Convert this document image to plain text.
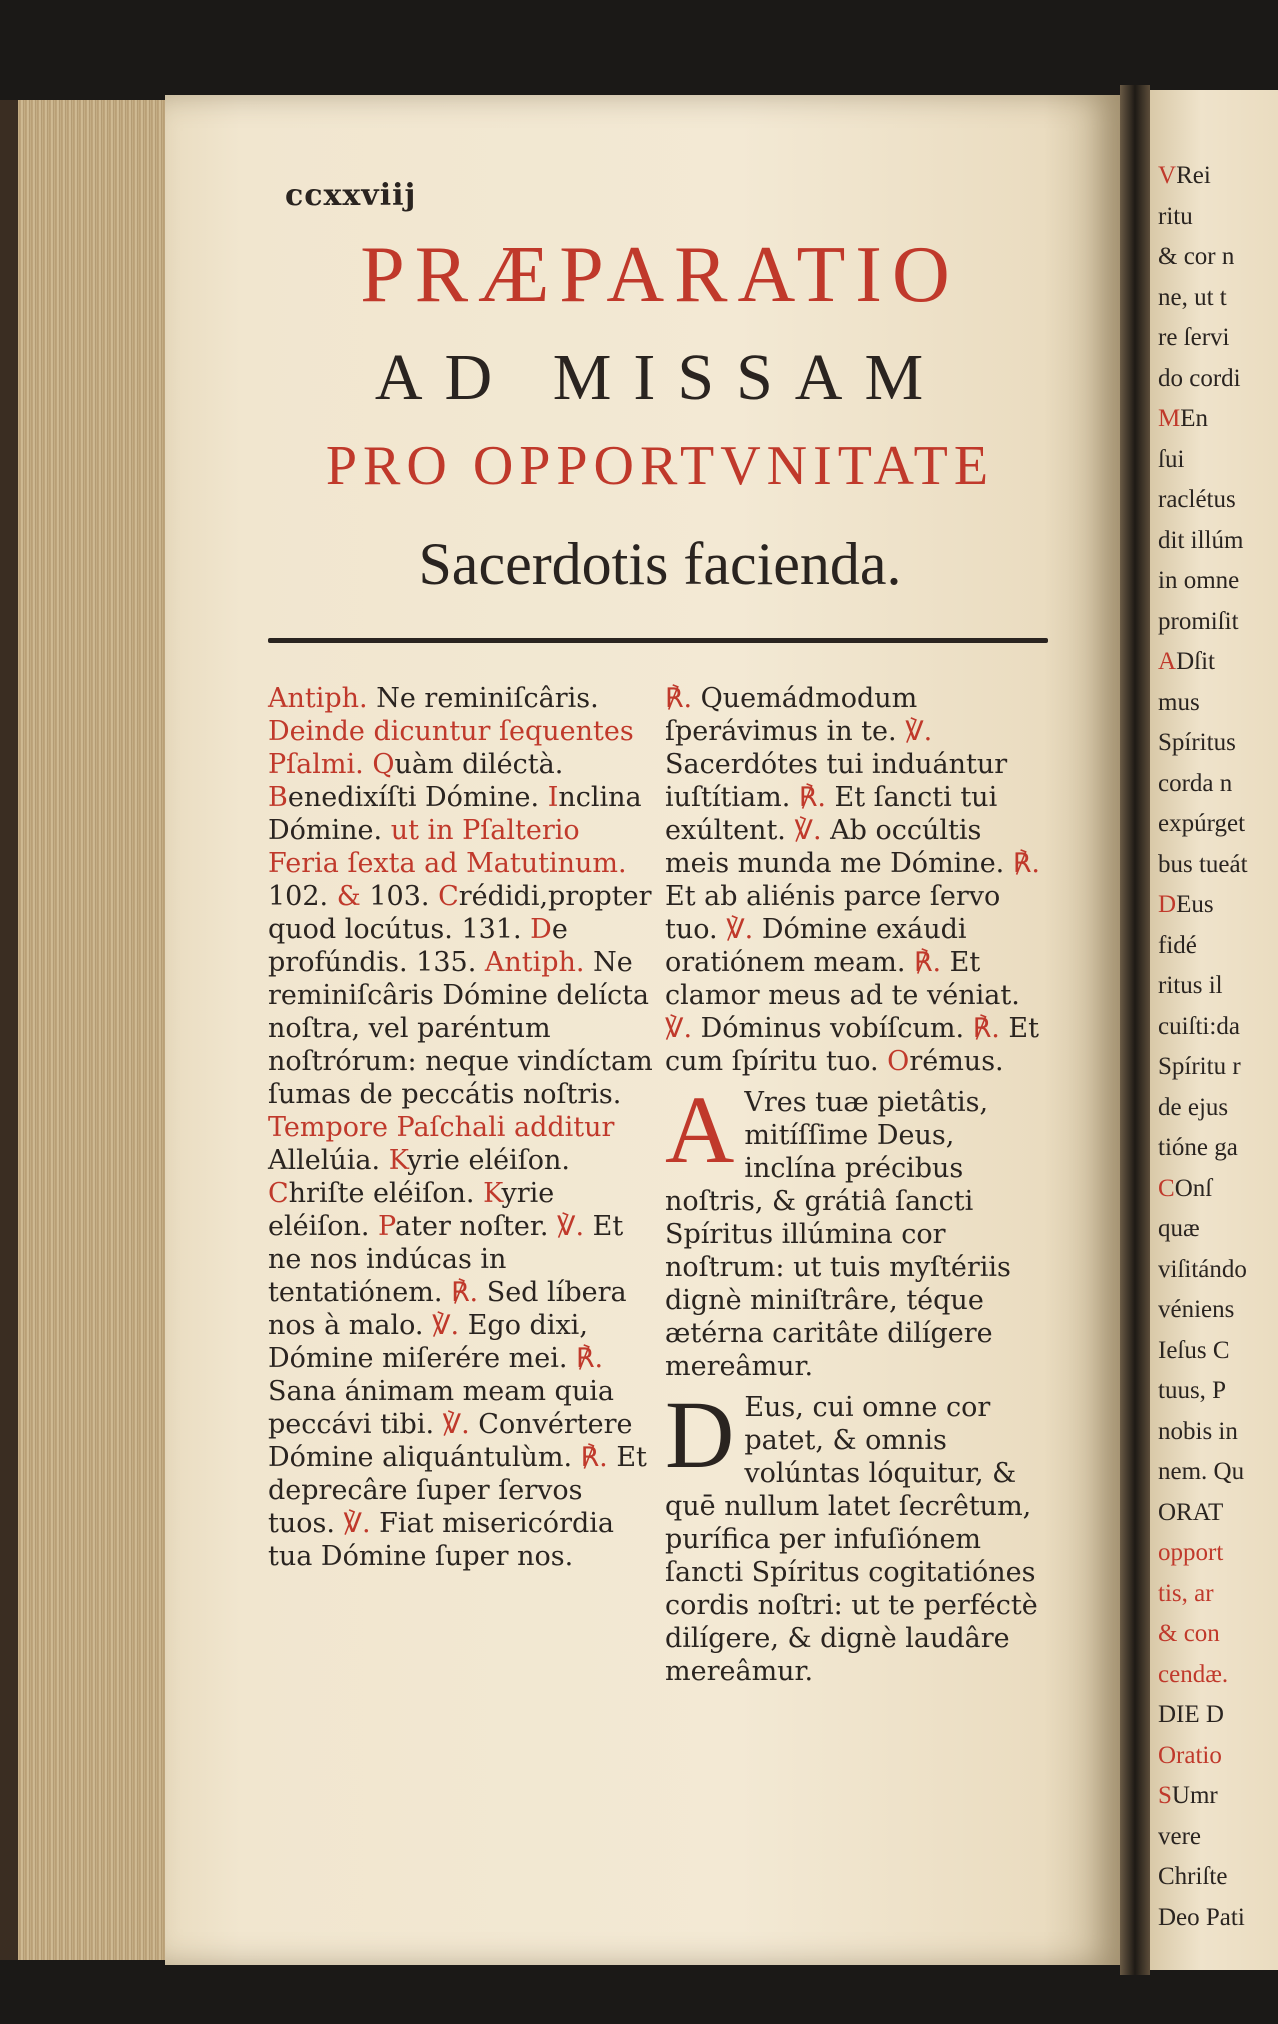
ccxxviij
PRÆPARATIO
AD MISSAM
PRO OPPORTVNITATE
Sacerdotis facienda.
Antiph. Ne reminiſcâris. Deinde dicuntur ſequentes Pſalmi. Quàm diléctà. Benedixíſti Dómine. Inclina Dómine. ut in Pſalterio Feria ſexta ad Matutinum. 102. & 103. Crédidi,propter quod locútus. 131. De profúndis. 135. Antiph. Ne reminiſcâris Dómine delícta noſtra, vel paréntum noſtrórum: neque vindíctam ſumas de peccátis noſtris. Tempore Paſchali additur Allelúia. Kyrie eléiſon. Chriſte eléiſon. Kyrie eléiſon. Pater noſter. ℣. Et ne nos indúcas in tentatiónem. ℟. Sed líbera nos à malo. ℣. Ego dixi, Dómine miſerére mei. ℟. Sana ánimam meam quia peccávi tibi. ℣. Convértere Dómine aliquántulùm. ℟. Et deprecâre ſuper ſervos tuos. ℣. Fiat misericórdia tua Dómine ſuper nos.
℟. Quemádmodum ſperávimus in te. ℣. Sacerdótes tui induántur iuſtítiam. ℟. Et ſancti tui exúltent. ℣. Ab occúltis meis munda me Dómine. ℟. Et ab aliénis parce ſervo tuo. ℣. Dómine exáudi oratiónem meam. ℟. Et clamor meus ad te véniat. ℣. Dóminus vobíſcum. ℟. Et cum ſpíritu tuo. Orémus.

A Vres tuæ pietâtis, mitíſſime Deus, inclína précibus noſtris, & grátiâ ſancti Spíritus illúmina cor noſtrum: ut tuis myſtériis dignè miniſtrâre, téque ætérna caritâte dilígere mereâmur.

D Eus, cui omne cor patet, & omnis volúntas lóquitur, & quē nullum latet ſecrêtum, purífica per infuſiónem ſancti Spíritus cogitatiónes cordis noſtri: ut te perféctè dilígere, & dignè laudâre mereâmur.

VRei
ritu
& cor n
ne, ut t
re ſervi
do cordi
MEn
ſui
raclétus
dit illúm
in omne
promiſit
ADſit
mus
Spíritus
corda n
expúrget
bus tueát
DEus
fidé
ritus il
cuiſti:da
Spíritu r
de ejus
tióne ga
COnſ
quæ
viſitándo
véniens
Ieſus C
tuus, P
nobis in
nem. Qu
ORAT
opport
tis, ar
& con
cendæ.
DIE D
Oratio
SUmr
vere
Chriſte
Deo Pati
